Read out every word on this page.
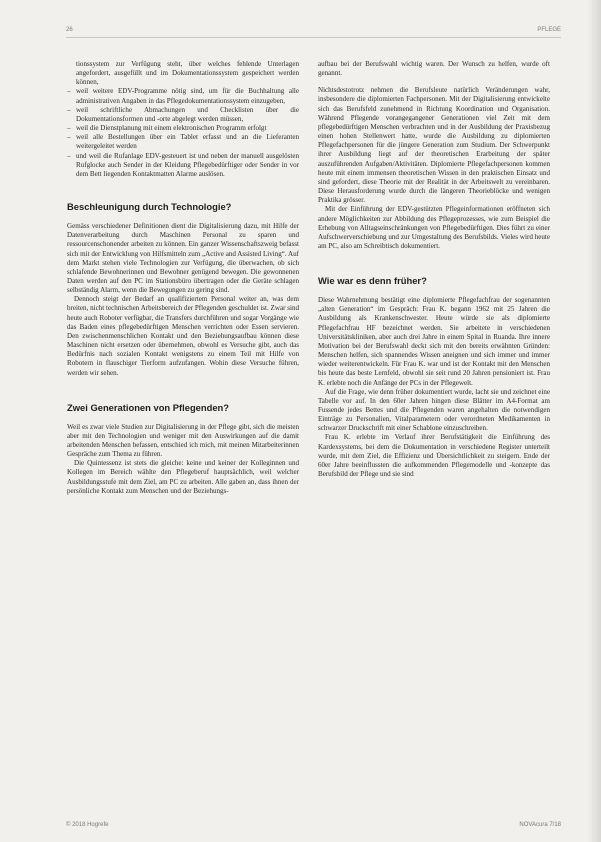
26	PFLEGE
tionssystem zur Verfügung steht, über welches fehlende Unterlagen angefordert, ausgefüllt und im Dokumentationssystem gespeichert werden können,
– weil weitere EDV-Programme nötig sind, um für die Buchhaltung alle administrativen Angaben in das Pflegedokumentationssystem einzugeben,
– weil schriftliche Abmachungen und Checklisten über die Dokumentationsformen und -orte abgelegt werden müssen,
– weil die Dienstplanung mit einem elektronischen Programm erfolgt
– weil alle Bestellungen über ein Tablet erfasst und an die Lieferanten weitergeleitet werden
– und weil die Rufanlage EDV-gesteuert ist und neben der manuell ausgelösten Rufglocke auch Sender in der Kleidung Pflegebedürftiger oder Sender in vor dem Bett liegenden Kontaktmatten Alarme auslösen.
Beschleunigung durch Technologie?

Gemäss verschiedener Definitionen dient die Digitalisierung dazu, mit Hilfe der Datenverarbeitung durch Maschinen Personal zu sparen und ressourcenschonender arbeiten zu können. Ein ganzer Wissenschaftszweig befasst sich mit der Entwicklung von Hilfsmitteln zum „Active and Assisted Living“. Auf dem Markt stehen viele Technologien zur Verfügung, die überwachen, ob sich schlafende Bewohnerinnen und Bewohner genügend bewegen. Die gewonnenen Daten werden auf den PC im Stationsbüro übertragen oder die Geräte schlagen selbständig Alarm, wenn die Bewegungen zu gering sind.

Dennoch steigt der Bedarf an qualifiziertem Personal weiter an, was dem breiten, nicht technischen Arbeitsbereich der Pflegenden geschuldet ist. Zwar sind heute auch Roboter verfügbar, die Transfers durchführen und sogar Vorgänge wie das Baden eines pflegebedürftigen Menschen verrichten oder Essen servieren. Den zwischenmenschlichen Kontakt und den Beziehungsaufbau können diese Maschinen nicht ersetzen oder übernehmen, obwohl es Versuche gibt, auch das Bedürfnis nach sozialen Kontakt wenigstens zu einem Teil mit Hilfe von Robotern in flauschiger Tierform aufzufangen. Wohin diese Versuche führen, werden wir sehen.

Zwei Generationen von Pflegenden?

Weil es zwar viele Studien zur Digitalisierung in der Pflege gibt, sich die meisten aber mit den Technologien und weniger mit den Auswirkungen auf die damit arbeitenden Menschen befassen, entschied ich mich, mit meinen Mitarbeiterinnen Gespräche zum Thema zu führen.

Die Quintessenz ist stets die gleiche: keine und keiner der Kolleginnen und Kollegen im Bereich wählte den Pflegeberuf hauptsächlich, weil welcher Ausbildungsstufe mit dem Ziel, am PC zu arbeiten. Alle gaben an, dass ihnen der persönliche Kontakt zum Menschen und der Beziehungs-

aufbau bei der Berufswahl wichtig waren. Der Wunsch zu helfen, wurde oft genannt.

Nichtsdestotrotz nehmen die Berufsleute natürlich Veränderungen wahr, insbesondere die diplomierten Fachpersonen. Mit der Digitalisierung entwickelte sich das Berufsfeld zunehmend in Richtung Koordination und Organisation. Während Pflegende vorangegangener Generationen viel Zeit mit dem pflegebedürftigen Menschen verbrachten und in der Ausbildung der Praxisbezug einen hohen Stellenwert hatte, wurde die Ausbildung zu diplomierten Pflegefachpersonen für die jüngere Generation zum Studium. Der Schwerpunkt ihrer Ausbildung liegt auf der theoretischen Erarbeitung der später auszuführenden Aufgaben/Aktivitäten. Diplomierte Pflegefachpersonen kommen heute mit einem immensen theoretischen Wissen in den praktischen Einsatz und sind gefordert, diese Theorie mit der Realität in der Arbeitswelt zu vereinbaren. Diese Herausforderung wurde durch die längeren Theorieblöcke und wenigen Praktika grösser.

Mit der Einführung der EDV-gestützten Pflegeinformationen eröffneten sich andere Möglichkeiten zur Abbildung des Pflegeprozesses, wie zum Beispiel die Erhebung von Alltagseinschränkungen von Pflegebedürftigen. Dies führt zu einer Aufschwerverschiebung und zur Umgestaltung des Berufsbilds. Vieles wird heute am PC, also am Schreibtisch dokumentiert.

Wie war es denn früher?

Diese Wahrnehmung bestätigt eine diplomierte Pflegefachfrau der sogenannten „alten Generation“ im Gespräch: Frau K. begann 1962 mit 25 Jahren die Ausbildung als Krankenschwester. Heute würde sie als diplomierte Pflegefachfrau HF bezeichnet werden. Sie arbeitete in verschiedenen Universitätskliniken, aber auch drei Jahre in einem Spital in Ruanda. Ihre innere Motivation bei der Berufswahl deckt sich mit den bereits erwähnten Gründen: Menschen helfen, sich spannendes Wissen aneignen und sich immer und immer wieder weiterentwickeln. Für Frau K. war und ist der Kontakt mit den Menschen bis heute das beste Lernfeld, obwohl sie seit rund 20 Jahren pensioniert ist. Frau K. erlebte noch die Anfänge der PCs in der Pflegewelt.

Auf die Frage, wie denn früher dokumentiert wurde, lacht sie und zeichnet eine Tabelle vor auf. In den 60er Jahren hingen diese Blätter im A4-Format am Fussende jedes Bettes und die Pflegenden waren angehalten die notwendigen Einträge zu Personalien, Vitalparametern oder verordneten Medikamenten in schwarzer Druckschrift mit einer Schablone einzuschreiben.

Frau K. erlebte im Verlauf ihrer Berufstätigkeit die Einführung des Kardexsystems, bei dem die Dokumentation in verschiedene Register unterteilt wurde, mit dem Ziel, die Effizienz und Übersichtlichkeit zu steigern. Ende der 60er Jahre beeinflussten die aufkommenden Pflegemodelle und -konzepte das Berufsbild der Pflege und sie sind

© 2018 Hogrefe	NOVAcura 7/18
